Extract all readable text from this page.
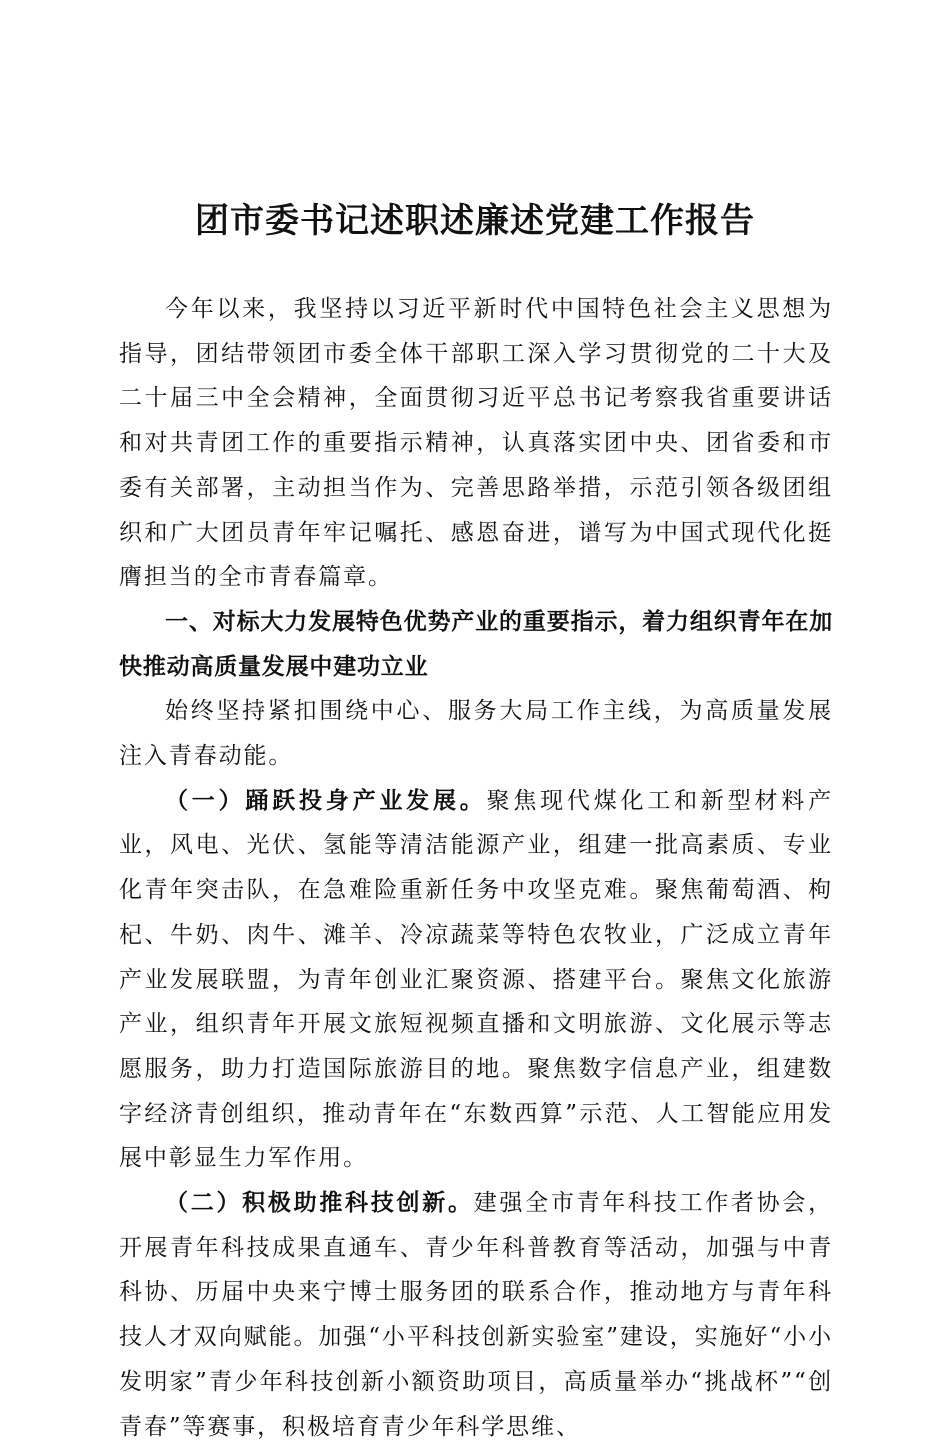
团市委书记述职述廉述党建工作报告

今年以来，我坚持以习近平新时代中国特色社会主义思想为指导，团结带领团市委全体干部职工深入学习贯彻党的二十大及二十届三中全会精神，全面贯彻习近平总书记考察我省重要讲话和对共青团工作的重要指示精神，认真落实团中央、团省委和市委有关部署，主动担当作为、完善思路举措，示范引领各级团组织和广大团员青年牢记嘱托、感恩奋进，谱写为中国式现代化挺膺担当的全市青春篇章。

一、对标大力发展特色优势产业的重要指示，着力组织青年在加快推动高质量发展中建功立业

始终坚持紧扣围绕中心、服务大局工作主线，为高质量发展注入青春动能。

（一）踊跃投身产业发展。聚焦现代煤化工和新型材料产业，风电、光伏、氢能等清洁能源产业，组建一批高素质、专业化青年突击队，在急难险重新任务中攻坚克难。聚焦葡萄酒、枸杞、牛奶、肉牛、滩羊、冷凉蔬菜等特色农牧业，广泛成立青年产业发展联盟，为青年创业汇聚资源、搭建平台。聚焦文化旅游产业，组织青年开展文旅短视频直播和文明旅游、文化展示等志愿服务，助力打造国际旅游目的地。聚焦数字信息产业，组建数字经济青创组织，推动青年在“东数西算”示范、人工智能应用发展中彰显生力军作用。

（二）积极助推科技创新。建强全市青年科技工作者协会，开展青年科技成果直通车、青少年科普教育等活动，加强与中青科协、历届中央来宁博士服务团的联系合作，推动地方与青年科技人才双向赋能。加强“小平科技创新实验室”建设，实施好“小小发明家”青少年科技创新小额资助项目，高质量举办“挑战杯”“创青春”等赛事，积极培育青少年科学思维、
